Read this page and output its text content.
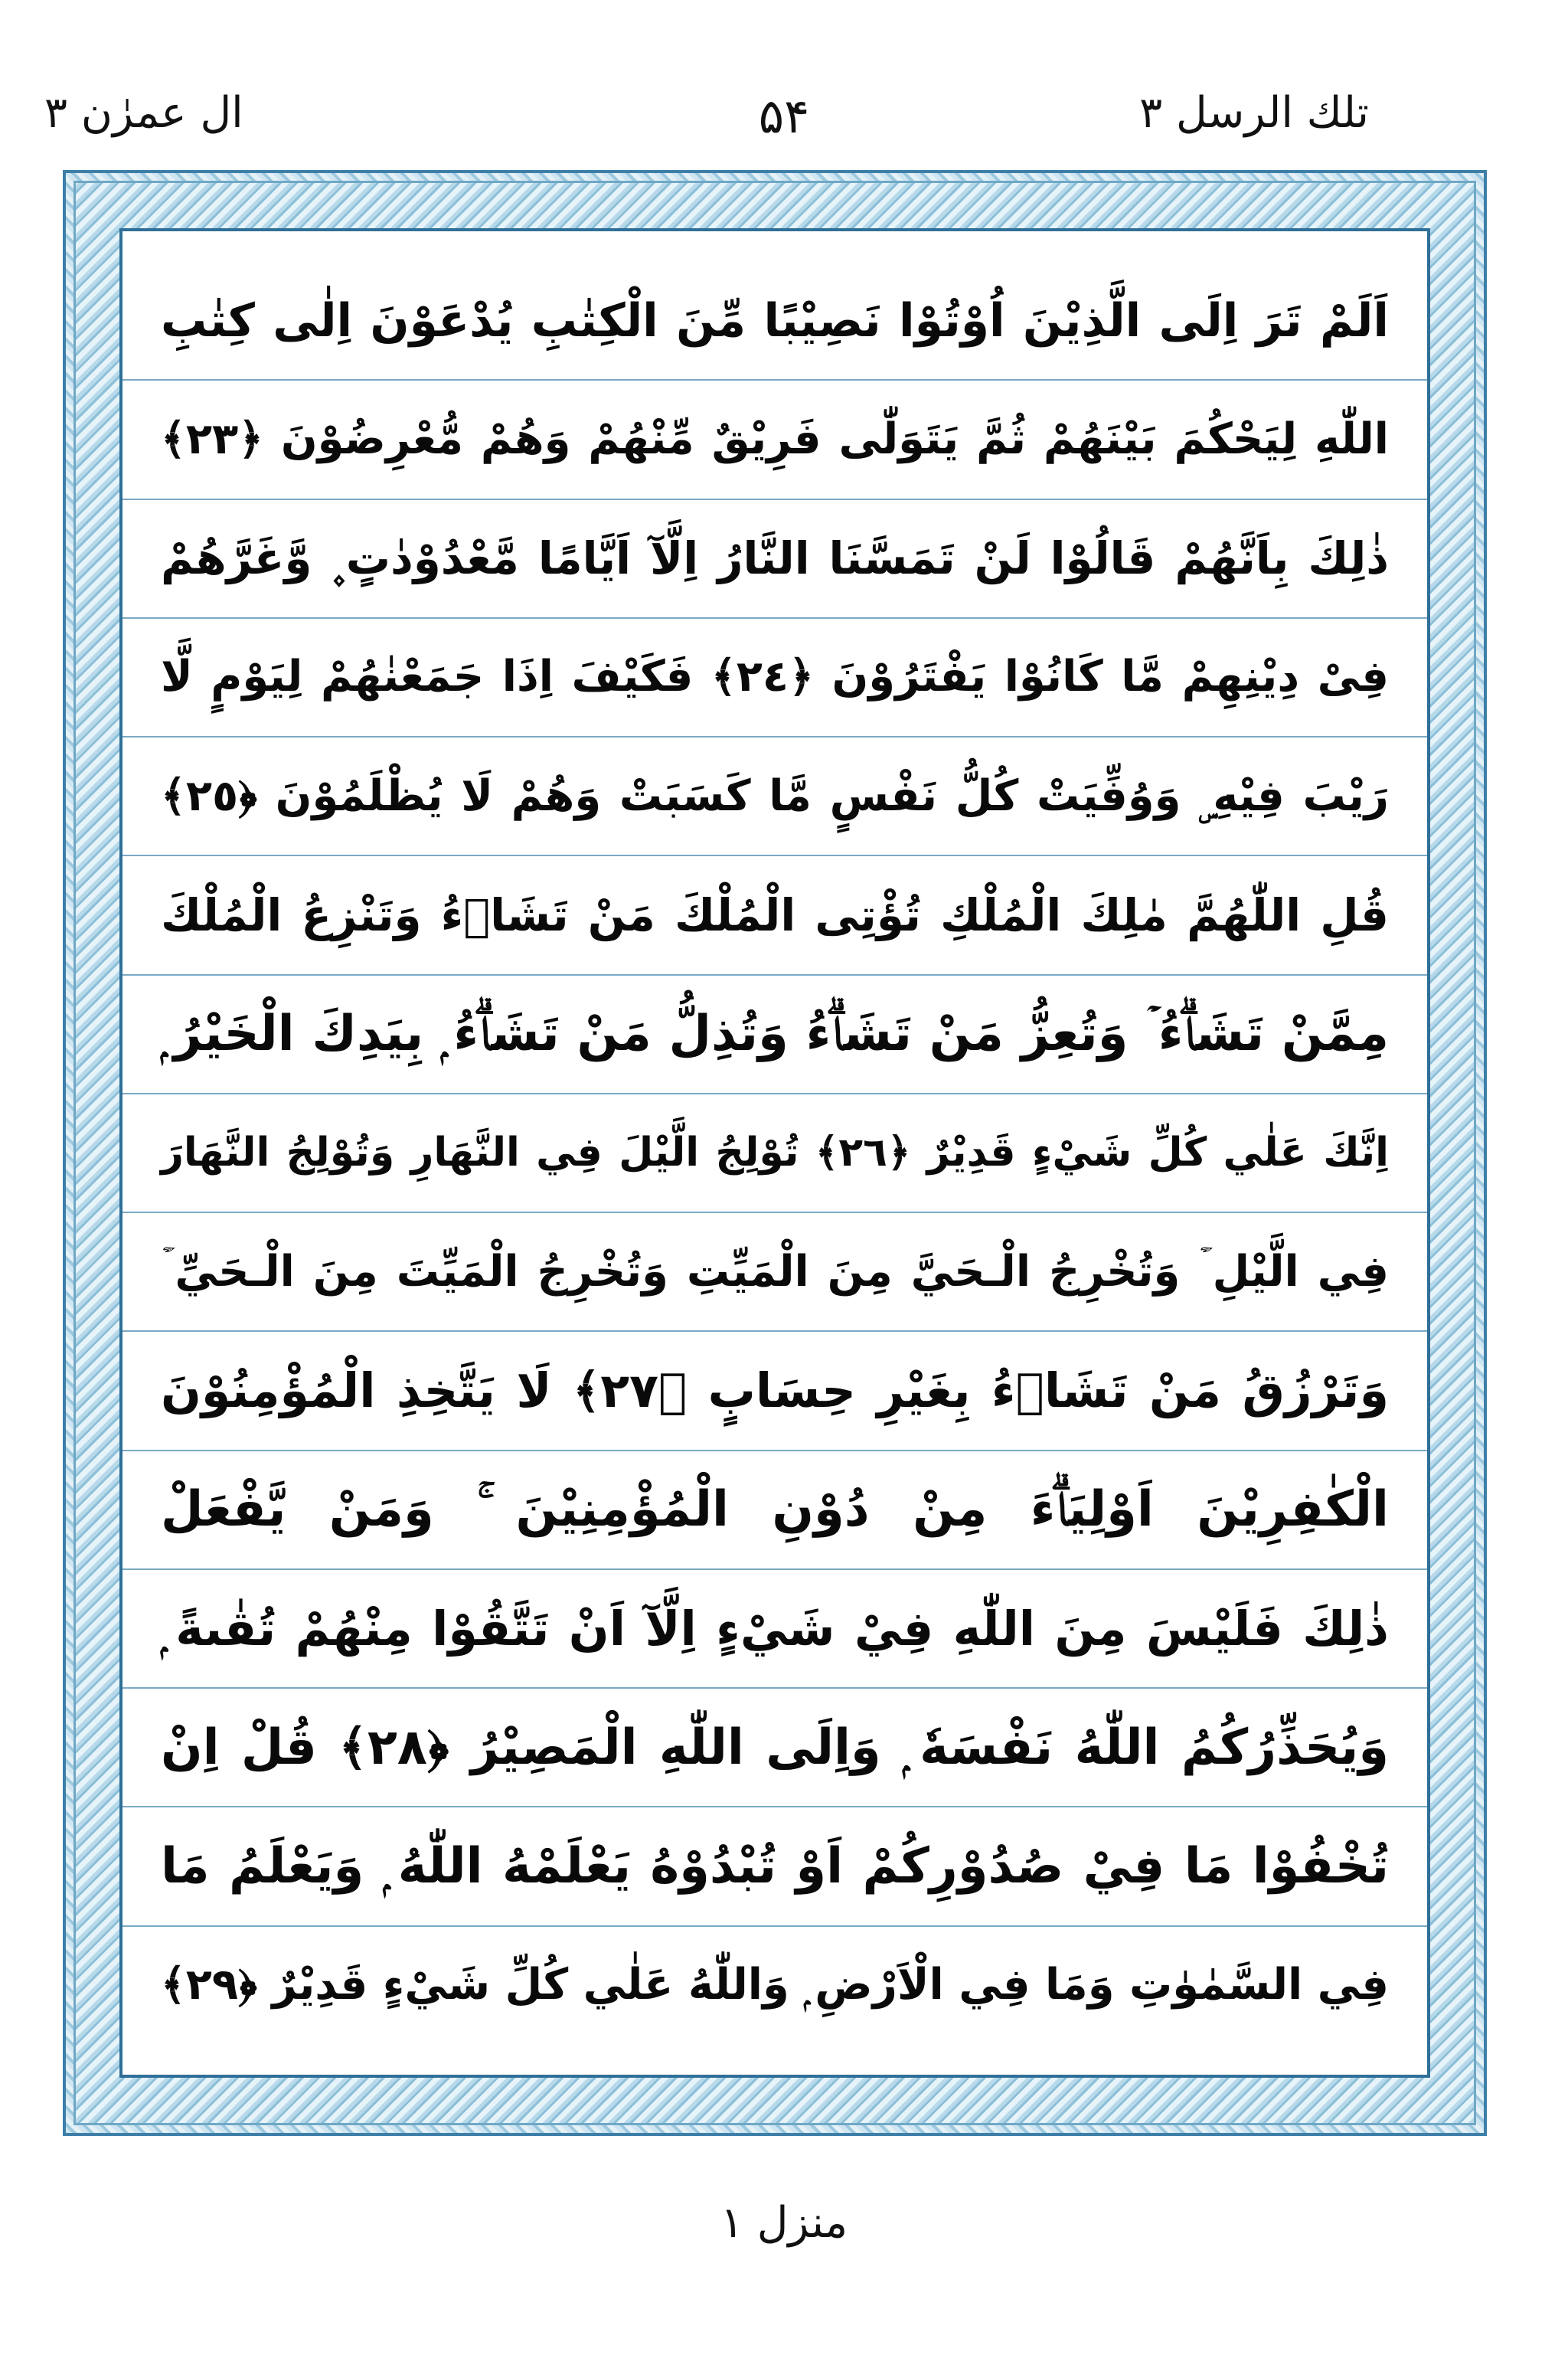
ال عمرٰن ٣	۵۴	تلك الرسل ٣
اَلَمْ تَرَ اِلَى الَّذِيْنَ اُوْتُوْا نَصِيْبًا مِّنَ الْكِتٰبِ يُدْعَوْنَ اِلٰى كِتٰبِ
اللّٰهِ لِيَحْكُمَ بَيْنَهُمْ ثُمَّ يَتَوَلّٰى فَرِيْقٌ مِّنْهُمْ وَهُمْ مُّعْرِضُوْنَ ﴿٢٣﴾
ذٰلِكَ بِاَنَّهُمْ قَالُوْا لَنْ تَمَسَّنَا النَّارُ اِلَّآ اَيَّامًا مَّعْدُوْدٰتٍ ۪ وَّغَرَّهُمْ
فِىْ دِيْنِهِمْ مَّا كَانُوْا يَفْتَرُوْنَ ﴿٢٤﴾ فَكَيْفَ اِذَا جَمَعْنٰهُمْ لِيَوْمٍ لَّا
رَيْبَ فِيْهِ ۣ وَوُفِّيَتْ كُلُّ نَفْسٍ مَّا كَسَبَتْ وَهُمْ لَا يُظْلَمُوْنَ ﴿٢٥﴾
قُلِ اللّٰهُمَّ مٰلِكَ الْمُلْكِ تُؤْتِى الْمُلْكَ مَنْ تَشَاۗءُ وَتَنْزِعُ الْمُلْكَ
مِمَّنْ تَشَاۗءُ ۡ وَتُعِزُّ مَنْ تَشَاۗءُ وَتُذِلُّ مَنْ تَشَاۗءُ ۭ بِيَدِكَ الْخَيْرُ ۭ
اِنَّكَ عَلٰي كُلِّ شَيْءٍ قَدِيْرٌ ﴿٢٦﴾ تُوْلِجُ الَّيْلَ فِي النَّهَارِ وَتُوْلِجُ النَّهَارَ
فِي الَّيْلِ ۡ وَتُخْرِجُ الْـحَيَّ مِنَ الْمَيِّتِ وَتُخْرِجُ الْمَيِّتَ مِنَ الْـحَيِّ ۡ
وَتَرْزُقُ مَنْ تَشَاۗءُ بِغَيْرِ حِسَابٍ ﴿٢٧﴾ لَا يَتَّخِذِ الْمُؤْمِنُوْنَ
الْكٰفِرِيْنَ اَوْلِيَاۗءَ مِنْ دُوْنِ الْمُؤْمِنِيْنَ ۚ وَمَنْ يَّفْعَلْ
ذٰلِكَ فَلَيْسَ مِنَ اللّٰهِ فِيْ شَيْءٍ اِلَّآ اَنْ تَتَّقُوْا مِنْهُمْ تُقٰىةً ۭ
وَيُحَذِّرُكُمُ اللّٰهُ نَفْسَهٗ ۭ وَاِلَى اللّٰهِ الْمَصِيْرُ ﴿٢٨﴾ قُلْ اِنْ
تُخْفُوْا مَا فِيْ صُدُوْرِكُمْ اَوْ تُبْدُوْهُ يَعْلَمْهُ اللّٰهُ ۭ وَيَعْلَمُ مَا
فِي السَّمٰوٰتِ وَمَا فِي الْاَرْضِ ۭ وَاللّٰهُ عَلٰي كُلِّ شَيْءٍ قَدِيْرٌ ﴿٢٩﴾
منزل ۱
